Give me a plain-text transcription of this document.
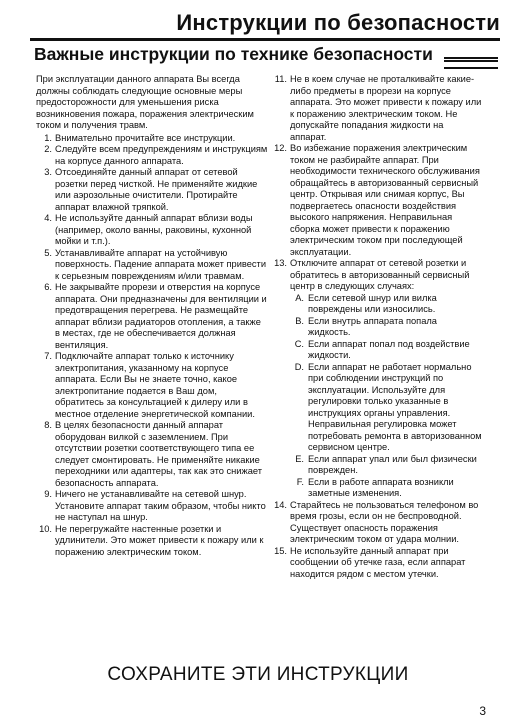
Инструкции по безопасности
Важные инструкции по технике безопасности

При эксплуатации данного аппарата Вы всегда должны соблюдать следующие основные меры предосторожности для уменьшения риска возникновения пожара, поражения электрическим током и получения травм.

1. Внимательно прочитайте все инструкции.
2. Следуйте всем предупреждениям и инструкциям на корпусе данного аппарата.
3. Отсоединяйте данный аппарат от сетевой розетки перед чисткой. Не применяйте жидкие или аэрозольные очистители. Протирайте аппарат влажной тряпкой.
4. Не используйте данный аппарат вблизи воды (например, около ванны, раковины, кухонной мойки и т.п.).
5. Устанавливайте аппарат на устойчивую поверхность. Падение аппарата может привести к серьезным повреждениям и/или травмам.
6. Не закрывайте прорези и отверстия на корпусе аппарата. Они предназначены для вентиляции и предотвращения перегрева. Не размещайте аппарат вблизи радиаторов отопления, а также в местах, где не обеспечивается должная вентиляция.
7. Подключайте аппарат только к источнику электропитания, указанному на корпусе аппарата. Если Вы не знаете точно, какое электропитание подается в Ваш дом, обратитесь за консультацией к дилеру или в местное отделение энергетической компании.
8. В целях безопасности данный аппарат оборудован вилкой с заземлением. При отсутствии розетки соответствующего типа ее следует смонтировать. Не применяйте никакие переходники или адаптеры, так как это снижает безопасность аппарата.
9. Ничего не устанавливайте на сетевой шнур. Установите аппарат таким образом, чтобы никто не наступал на шнур.
10. Не перегружайте настенные розетки и удлинители. Это может привести к пожару или к поражению электрическим током.
11. Не в коем случае не проталкивайте какие-либо предметы в прорези на корпусе аппарата. Это может привести к пожару или к поражению электрическим током. Не допускайте попадания жидкости на аппарат.
12. Во избежание поражения электрическим током не разбирайте аппарат. При необходимости технического обслуживания обращайтесь в авторизованный сервисный центр. Открывая или снимая корпус, Вы подвергаетесь опасности воздействия высокого напряжения. Неправильная сборка может привести к поражению электрическим током при последующей эксплуатации.
13. Отключите аппарат от сетевой розетки и обратитесь в авторизованный сервисный центр в следующих случаях:
A. Если сетевой шнур или вилка повреждены или износились.
B. Если внутрь аппарата попала жидкость.
C. Если аппарат попал под воздействие жидкости.
D. Если аппарат не работает нормально при соблюдении инструкций по эксплуатации. Используйте для регулировки только указанные в инструкциях органы управления. Неправильная регулировка может потребовать ремонта в авторизованном сервисном центре.
E. Если аппарат упал или был физически поврежден.
F. Если в работе аппарата возникли заметные изменения.
14. Старайтесь не пользоваться телефоном во время грозы, если он не беспроводной. Существует опасность поражения электрическим током от удара молнии.
15. Не используйте данный аппарат при сообщении об утечке газа, если аппарат находится рядом с местом утечки.
СОХРАНИТЕ ЭТИ ИНСТРУКЦИИ
3
